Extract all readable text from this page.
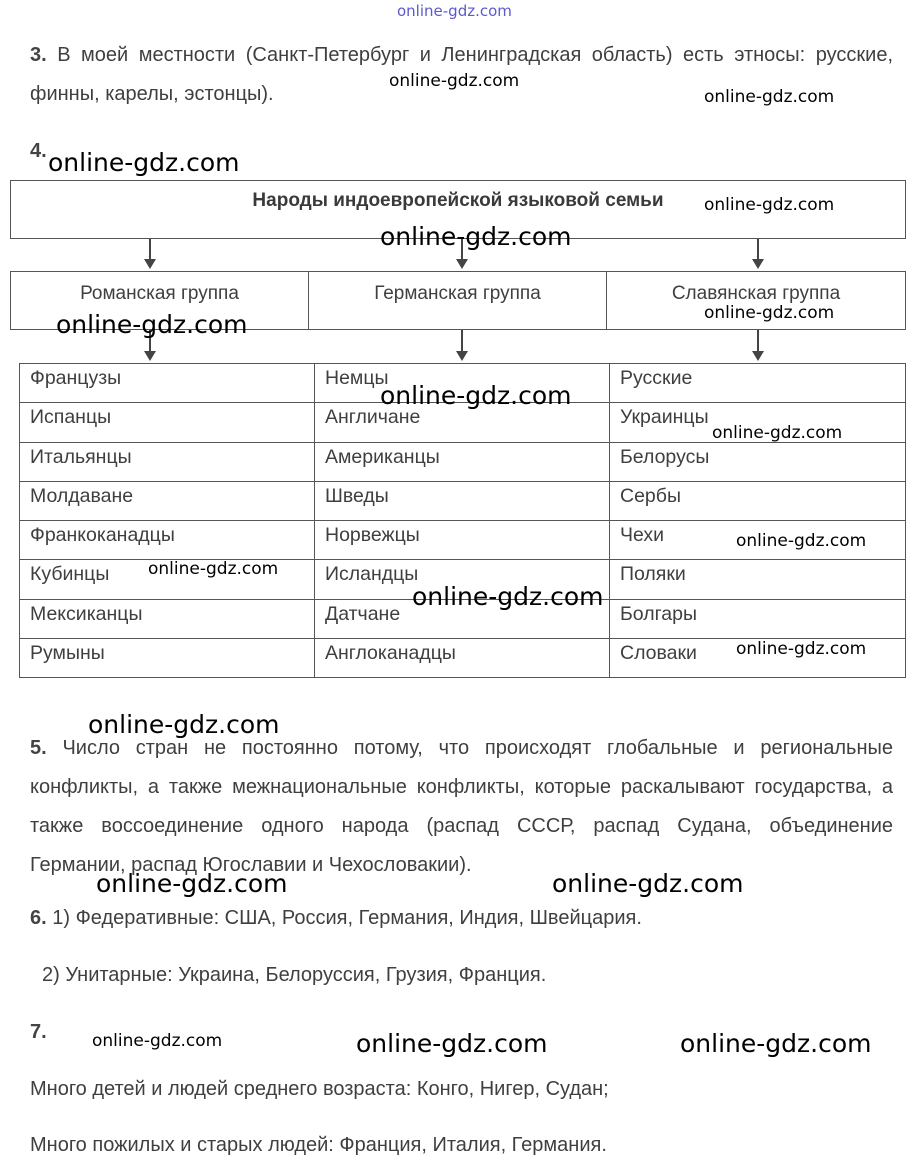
online-gdz.com

3. В моей местности (Санкт-Петербург и Ленинградская область) есть этносы: русские, финны, карелы, эстонцы).

4.
Народы индоевропейской языковой семьи
Романская группа	Германская группа	Славянская группа
Французы	Немцы	Русские
Испанцы	Англичане	Украинцы
Итальянцы	Американцы	Белорусы
Молдаване	Шведы	Сербы
Франкоканадцы	Норвежцы	Чехи
Кубинцы	Исландцы	Поляки
Мексиканцы	Датчане	Болгары
Румыны	Англоканадцы	Словаки

5. Число стран не постоянно потому, что происходят глобальные и региональные конфликты, а также межнациональные конфликты, которые раскалывают государства, а также воссоединение одного народа (распад СССР, распад Судана, объединение Германии, распад Югославии и Чехословакии).

6. 1) Федеративные: США, Россия, Германия, Индия, Швейцария.
2) Унитарные: Украина, Белоруссия, Грузия, Франция.
7.
Много детей и людей среднего возраста: Конго, Нигер, Судан;
Много пожилых и старых людей: Франция, Италия, Германия.
online-gdz.com
online-gdz.com
online-gdz.com
online-gdz.com
online-gdz.com
online-gdz.com
online-gdz.com
online-gdz.com
online-gdz.com
online-gdz.com
online-gdz.com
online-gdz.com
online-gdz.com
online-gdz.com
online-gdz.com	online-gdz.com
online-gdz.com	online-gdz.com	online-gdz.com
